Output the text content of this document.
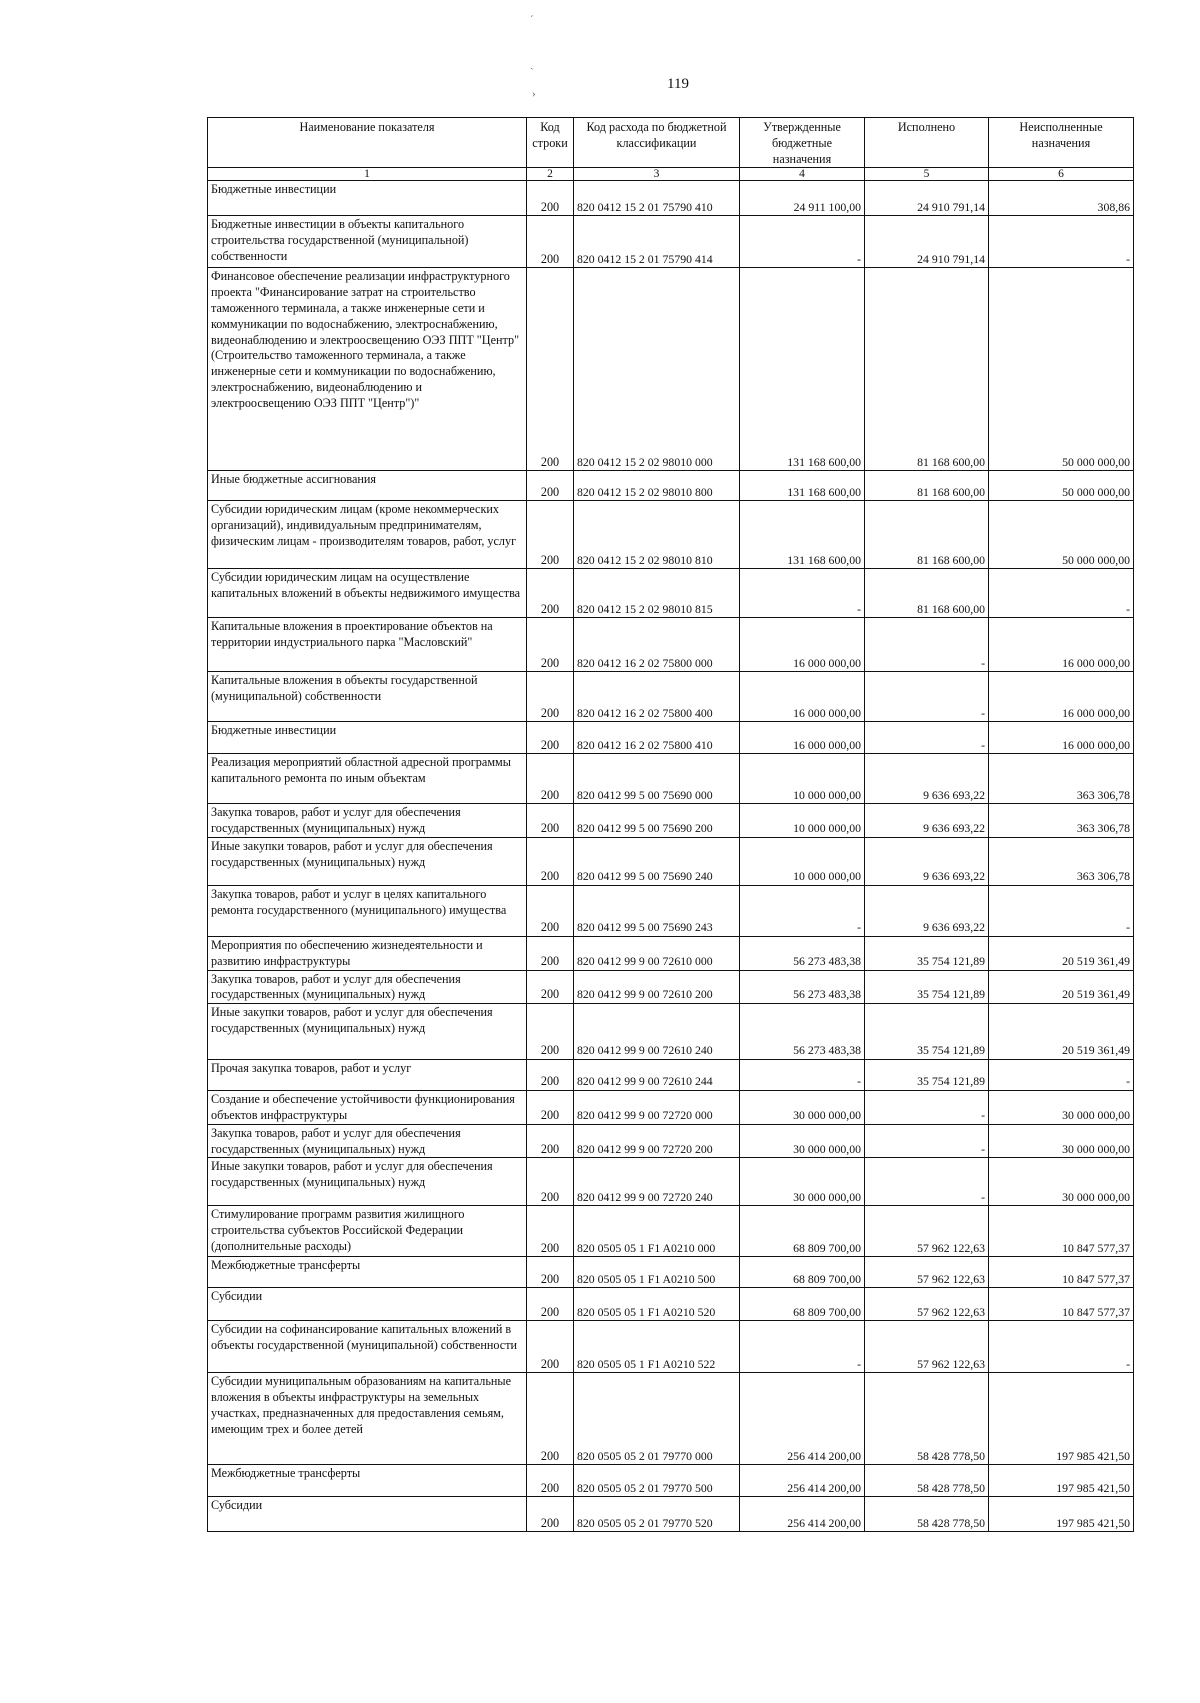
ˊ
ˏ
›
119
Наименование показателя	Код строки	Код расхода по бюджетной классификации	Утвержденные бюджетные назначения	Исполнено	Неисполненные назначения
1	2	3	4	5	6
Бюджетные инвестиции	200	820 0412 15 2 01 75790 410	24 911 100,00	24 910 791,14	308,86
Бюджетные инвестиции в объекты капитального строительства государственной (муниципальной) собственности	200	820 0412 15 2 01 75790 414	-	24 910 791,14	-
Финансовое обеспечение реализации инфраструктурного проекта "Финансирование затрат на строительство таможенного терминала, а также инженерные сети и коммуникации по водоснабжению, электроснабжению, видеонаблюдению и электроосвещению ОЭЗ ППТ "Центр" (Строительство таможенного терминала, а также инженерные сети и коммуникации по водоснабжению, электроснабжению, видеонаблюдению и электроосвещению ОЭЗ ППТ "Центр")"	200	820 0412 15 2 02 98010 000	131 168 600,00	81 168 600,00	50 000 000,00
Иные бюджетные ассигнования	200	820 0412 15 2 02 98010 800	131 168 600,00	81 168 600,00	50 000 000,00
Субсидии юридическим лицам (кроме некоммерческих организаций), индивидуальным предпринимателям, физическим лицам - производителям товаров, работ, услуг	200	820 0412 15 2 02 98010 810	131 168 600,00	81 168 600,00	50 000 000,00
Субсидии юридическим лицам на осуществление капитальных вложений в объекты недвижимого имущества	200	820 0412 15 2 02 98010 815	-	81 168 600,00	-
Капитальные вложения в проектирование объектов на территории индустриального парка "Масловский"	200	820 0412 16 2 02 75800 000	16 000 000,00	-	16 000 000,00
Капитальные вложения в объекты государственной (муниципальной) собственности	200	820 0412 16 2 02 75800 400	16 000 000,00	-	16 000 000,00
Бюджетные инвестиции	200	820 0412 16 2 02 75800 410	16 000 000,00	-	16 000 000,00
Реализация мероприятий областной адресной программы капитального ремонта по иным объектам	200	820 0412 99 5 00 75690 000	10 000 000,00	9 636 693,22	363 306,78
Закупка товаров, работ и услуг для обеспечения государственных (муниципальных) нужд	200	820 0412 99 5 00 75690 200	10 000 000,00	9 636 693,22	363 306,78
Иные закупки товаров, работ и услуг для обеспечения государственных (муниципальных) нужд	200	820 0412 99 5 00 75690 240	10 000 000,00	9 636 693,22	363 306,78
Закупка товаров, работ и услуг в целях капитального ремонта государственного (муниципального) имущества	200	820 0412 99 5 00 75690 243	-	9 636 693,22	-
Мероприятия по обеспечению жизнедеятельности и развитию инфраструктуры	200	820 0412 99 9 00 72610 000	56 273 483,38	35 754 121,89	20 519 361,49
Закупка товаров, работ и услуг для обеспечения государственных (муниципальных) нужд	200	820 0412 99 9 00 72610 200	56 273 483,38	35 754 121,89	20 519 361,49
Иные закупки товаров, работ и услуг для обеспечения государственных (муниципальных) нужд	200	820 0412 99 9 00 72610 240	56 273 483,38	35 754 121,89	20 519 361,49
Прочая закупка товаров, работ и услуг	200	820 0412 99 9 00 72610 244	-	35 754 121,89	-
Создание и обеспечение устойчивости функционирования объектов инфраструктуры	200	820 0412 99 9 00 72720 000	30 000 000,00	-	30 000 000,00
Закупка товаров, работ и услуг для обеспечения государственных (муниципальных) нужд	200	820 0412 99 9 00 72720 200	30 000 000,00	-	30 000 000,00
Иные закупки товаров, работ и услуг для обеспечения государственных (муниципальных) нужд	200	820 0412 99 9 00 72720 240	30 000 000,00	-	30 000 000,00
Стимулирование программ развития жилищного строительства субъектов Российской Федерации (дополнительные расходы)	200	820 0505 05 1 F1 A0210 000	68 809 700,00	57 962 122,63	10 847 577,37
Межбюджетные трансферты	200	820 0505 05 1 F1 A0210 500	68 809 700,00	57 962 122,63	10 847 577,37
Субсидии	200	820 0505 05 1 F1 A0210 520	68 809 700,00	57 962 122,63	10 847 577,37
Субсидии на софинансирование капитальных вложений в объекты государственной (муниципальной) собственности	200	820 0505 05 1 F1 A0210 522	-	57 962 122,63	-
Субсидии муниципальным образованиям на капитальные вложения в объекты инфраструктуры на земельных участках, предназначенных для предоставления семьям, имеющим трех и более детей	200	820 0505 05 2 01 79770 000	256 414 200,00	58 428 778,50	197 985 421,50
Межбюджетные трансферты	200	820 0505 05 2 01 79770 500	256 414 200,00	58 428 778,50	197 985 421,50
Субсидии	200	820 0505 05 2 01 79770 520	256 414 200,00	58 428 778,50	197 985 421,50
